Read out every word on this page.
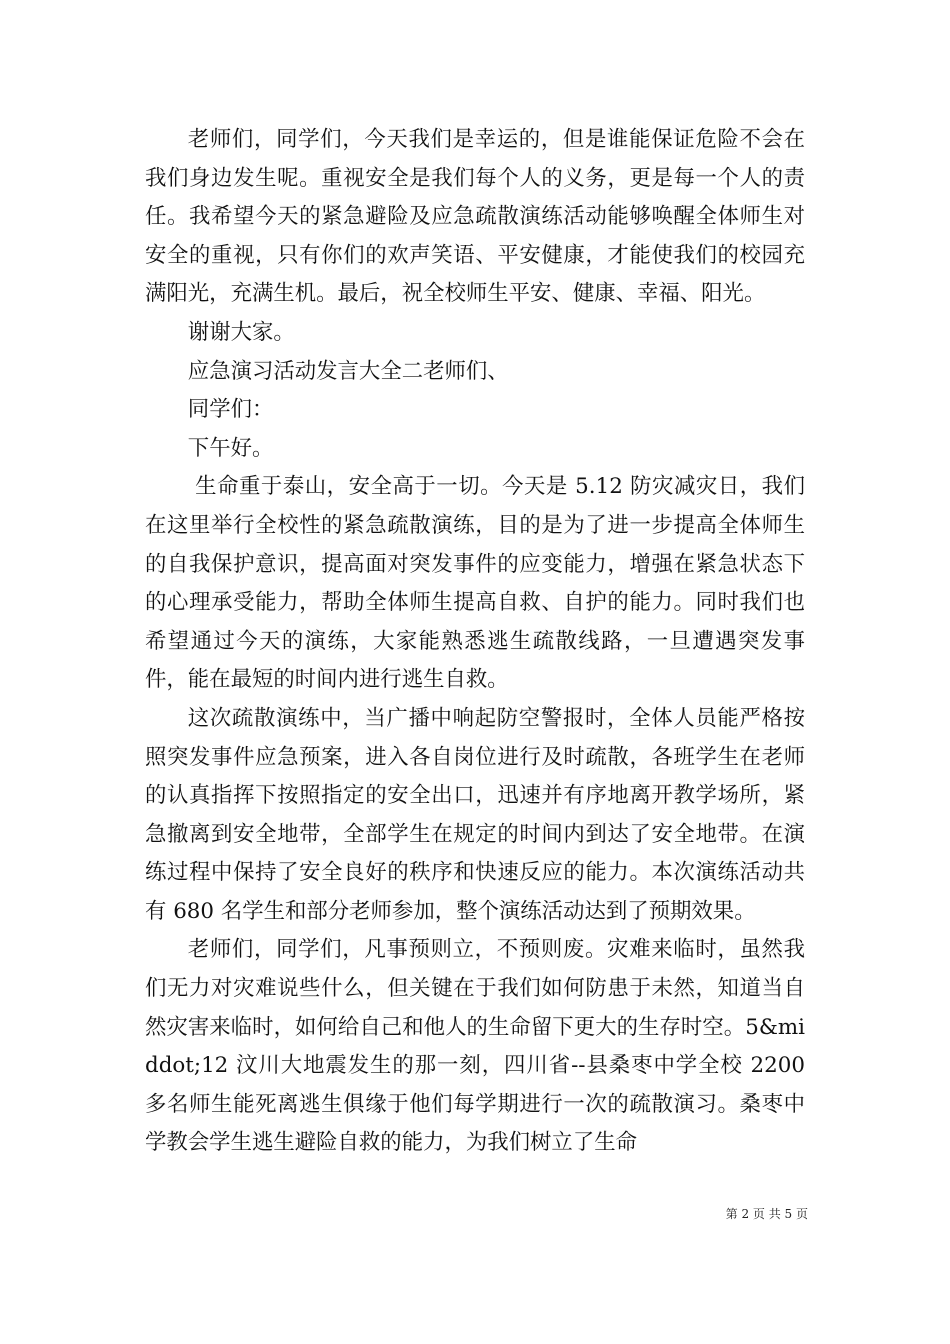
老师们，同学们，今天我们是幸运的，但是谁能保证危险不会在我们身边发生呢。重视安全是我们每个人的义务，更是每一个人的责任。我希望今天的紧急避险及应急疏散演练活动能够唤醒全体师生对安全的重视，只有你们的欢声笑语、平安健康，才能使我们的校园充满阳光，充满生机。最后，祝全校师生平安、健康、幸福、阳光。

谢谢大家。

应急演习活动发言大全二老师们、

同学们：

下午好。

生命重于泰山，安全高于一切。今天是 5.12 防灾减灾日，我们在这里举行全校性的紧急疏散演练，目的是为了进一步提高全体师生的自我保护意识，提高面对突发事件的应变能力，增强在紧急状态下的心理承受能力，帮助全体师生提高自救、自护的能力。同时我们也希望通过今天的演练，大家能熟悉逃生疏散线路，一旦遭遇突发事件，能在最短的时间内进行逃生自救。

这次疏散演练中，当广播中响起防空警报时，全体人员能严格按照突发事件应急预案，进入各自岗位进行及时疏散，各班学生在老师的认真指挥下按照指定的安全出口，迅速并有序地离开教学场所，紧急撤离到安全地带，全部学生在规定的时间内到达了安全地带。在演练过程中保持了安全良好的秩序和快速反应的能力。本次演练活动共有 680 名学生和部分老师参加，整个演练活动达到了预期效果。

老师们，同学们，凡事预则立，不预则废。灾难来临时，虽然我们无力对灾难说些什么，但关键在于我们如何防患于未然，知道当自然灾害来临时，如何给自己和他人的生命留下更大的生存时空。5&middot;12 汶川大地震发生的那一刻，四川省--县桑枣中学全校 2200 多名师生能死离逃生俱缘于他们每学期进行一次的疏散演习。桑枣中学教会学生逃生避险自救的能力，为我们树立了生命

第 2 页 共 5 页
